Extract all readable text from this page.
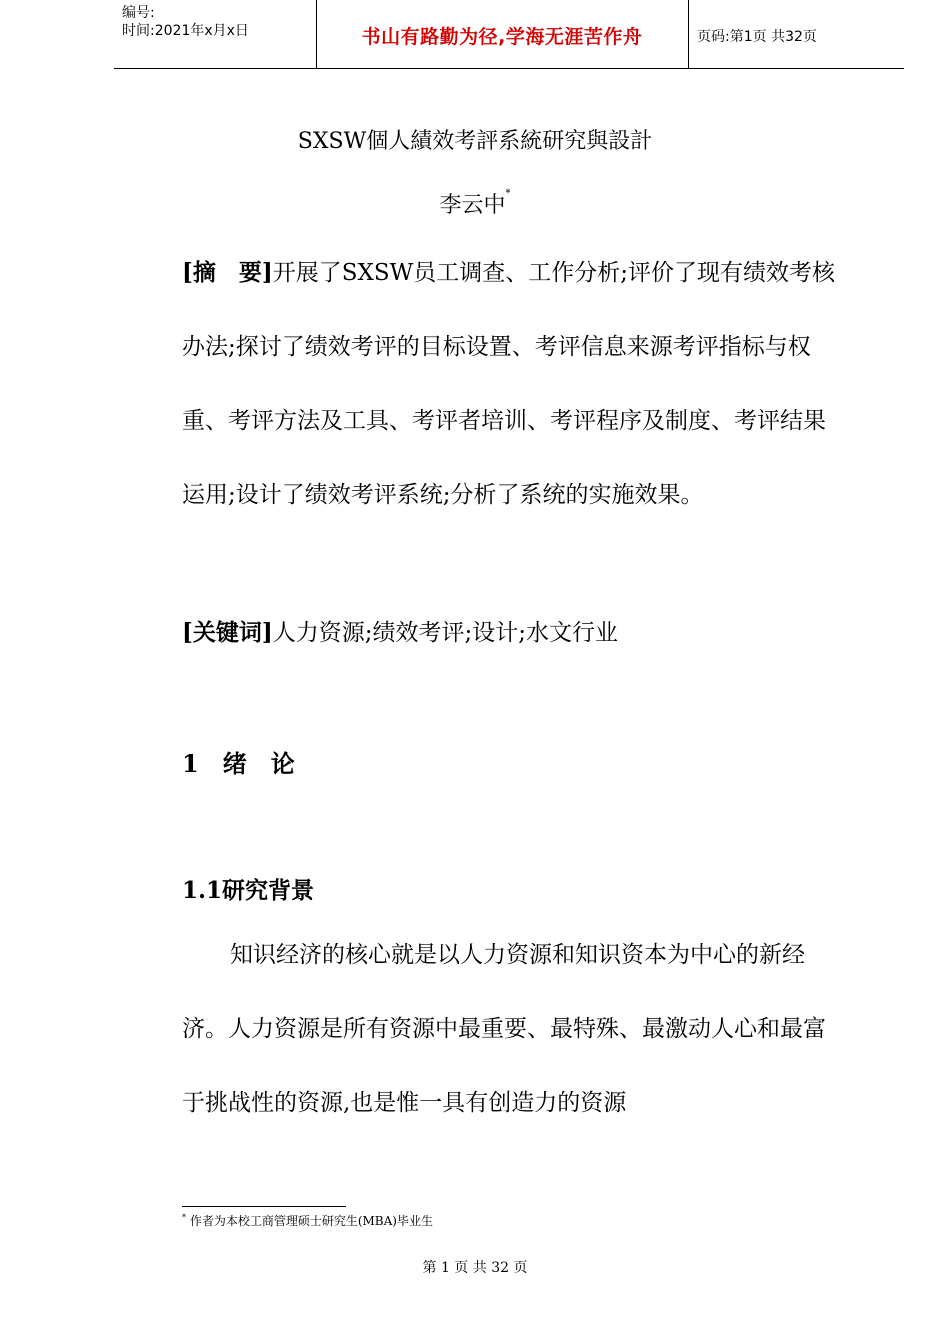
编号:
时间:2021年x月x日	书山有路勤为径,学海无涯苦作舟	页码:第1页 共32页
SXSW個人績效考評系統研究與設計
李云中*
[摘　要]开展了SXSW员工调查、工作分析;评价了现有绩效考核办法;探讨了绩效考评的目标设置、考评信息来源考评指标与权重、考评方法及工具、考评者培训、考评程序及制度、考评结果运用;设计了绩效考评系统;分析了系统的实施效果。
[关键词]人力资源;绩效考评;设计;水文行业
1　绪　论
1.1研究背景
知识经济的核心就是以人力资源和知识资本为中心的新经济。人力资源是所有资源中最重要、最特殊、最激动人心和最富于挑战性的资源,也是惟一具有创造力的资源
* 作者为本校工商管理硕士研究生(MBA)毕业生
第 1 页 共 32 页
